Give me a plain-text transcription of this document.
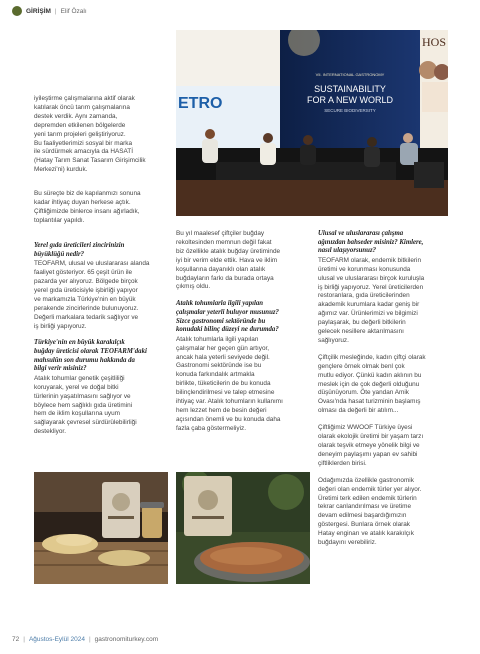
GİRİŞİM | Elif Özalı
ETRO
VII. INTERNATIONAL GASTRONOMY
SUSTAINABILITY
FOR A NEW WORLD
SECURE BIODIVERSITY
HOS

iyileştirme çalışmalarına aktif olarak
katılarak öncü tarım çalışmalarına
destek verdik. Aynı zamanda,
depremden etkilenen bölgelerde
yeni tarım projeleri geliştiriyoruz.
Bu faaliyetlerimizi sosyal bir marka
ile sürdürmek amacıyla da HASATİ
(Hatay Tarım Sanat Tasarım Girişimcilik
Merkezi'ni) kurduk.

Bu süreçte biz de kapılanmızı sonuna
kadar ihtiyaç duyan herkese açtık.
Çiftliğimizde binlerce insanı ağırladık,
toplantılar yapıldı.

Yerel gıda üreticileri zincirinizin
büyüklüğü nedir?

TEOFARM, ulusal ve uluslararası alanda
faaliyet gösteriyor. 65 çeşit ürün ile
pazarda yer alıyoruz. Bölgede birçok
yerel gıda üreticisiyle işbirliği yapıyor
ve markamızla Türkiye'nin en büyük
perakende zincirlerinde bulunuyoruz.
Değerli markalara tedarik sağlıyor ve
iş birliği yapıyoruz.

Türkiye'nin en büyük karakılçık
buğday üreticisi olarak TEOFARM'daki
mahsulün son durumu hakkında da
bilgi verir misiniz?

Atalık tohumlar genetik çeşitliliği
koruyarak, yerel ve doğal bitki
türlerinin yaşatılmasını sağlıyor ve
böylece hem sağlıklı gıda üretimini
hem de iklim koşullarına uyum
sağlayarak çevresel sürdürülebilirliği
destekliyor.

Bu yıl maalesef çiftçiler buğday
rekoltesinden memnun değil fakat
biz özellikle atalık buğday üretiminde
iyi bir verim elde ettik. Hava ve iklim
koşullarına dayanıklı olan atalık
buğdayların farkı da burada ortaya
çıkmış oldu.

Atalık tohumlarla ilgili yapılan
çalışmalar yeterli buluyor musunuz?
Sizce gastronomi sektöründe bu
konudaki bilinç düzeyi ne durumda?

Atalık tohumlarla ilgili yapılan
çalışmalar her geçen gün artıyor,
ancak hala yeterli seviyede değil.
Gastronomi sektöründe ise bu
konuda farkındalık artmakla
birlikte, tüketicilerin de bu konuda
bilinçlendirilmesi ve talep etmesine
ihtiyaç var. Atalık tohumların kullanımı
hem lezzet hem de besin değeri
açısından önemli ve bu konuda daha
fazla çaba göstermeliyiz.

Ulusal ve uluslararası çalışma
ağınızdan bahseder misiniz? Kimlere,
nasıl ulaşıyorsunuz?

TEOFARM olarak, endemik bitkilerin
üretimi ve korunması konusunda
ulusal ve uluslararası birçok kuruluşla
iş birliği yapıyoruz. Yerel üreticilerden
restoranlara, gıda üreticilerinden
akademik kurumlara kadar geniş bir
ağımız var. Ürünlerimizi ve bilgimizi
paylaşarak, bu değerli bitkilerin
gelecek nesillere aktarılmasını
sağlıyoruz.

Çiftçilik mesleğinde, kadın çiftçi olarak
gençlere örnek olmak benl çok
mutlu ediyor. Çünkü kadın aklının bu
meslek için de çok değerli olduğunu
düşünüyorum. Öte yandan Amik
Ovası'nda hasat turizminin başlamış
olması da değerli bir atılım...

Çiftliğimiz WWOOF Türkiye üyesi
olarak ekolojik üretimi bir yaşam tarzı
olarak teşvik etmeye yönelik bilgi ve
deneyim paylaşımı yapan ev sahibi
çiftliklerden birisi.

Odağımızda özellikle gastronomik
değeri olan endemik türler yer alıyor.
Üretimi terk edilen endemik türlerin
tekrar canlandırılması ve üretime
devam edilmesi başardığımızın
göstergesi. Bunlara örnek olarak
Hatay enginarı ve atalık karakılçık
buğdayını verebiliriz.

72 | Ağustos-Eylül 2024 | gastronomiturkey.com
